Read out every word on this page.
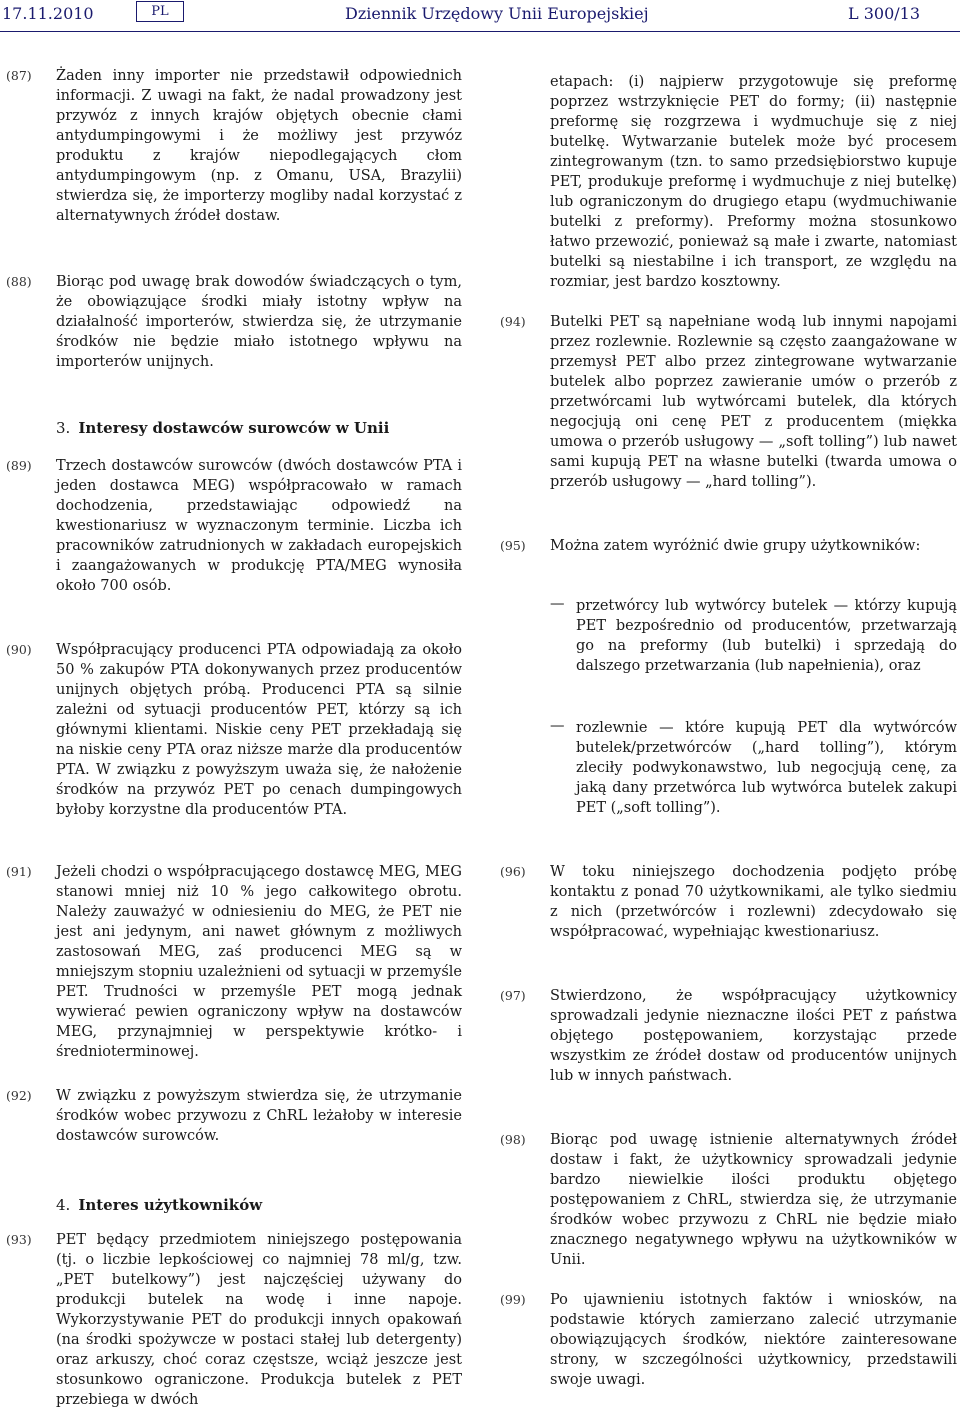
17.11.2010	PL	Dziennik Urzędowy Unii Europejskiej	L 300/13
(87) Żaden inny importer nie przedstawił odpowiednich informacji. Z uwagi na fakt, że nadal prowadzony jest przywóz z innych krajów objętych obecnie cłami antydumpingowymi i że możliwy jest przywóz produktu z krajów niepodlegających cłom antydumpingowym (np. z Omanu, USA, Brazylii) stwierdza się, że importerzy mogliby nadal korzystać z alternatywnych źródeł dostaw.

(88) Biorąc pod uwagę brak dowodów świadczących o tym, że obowiązujące środki miały istotny wpływ na działalność importerów, stwierdza się, że utrzymanie środków nie będzie miało istotnego wpływu na importerów unijnych.

3. Interesy dostawców surowców w Unii
(89) Trzech dostawców surowców (dwóch dostawców PTA i jeden dostawca MEG) współpracowało w ramach dochodzenia, przedstawiając odpowiedź na kwestionariusz w wyznaczonym terminie. Liczba ich pracowników zatrudnionych w zakładach europejskich i zaangażowanych w produkcję PTA/MEG wynosiła około 700 osób.

(90) Współpracujący producenci PTA odpowiadają za około 50 % zakupów PTA dokonywanych przez producentów unijnych objętych próbą. Producenci PTA są silnie zależni od sytuacji producentów PET, którzy są ich głównymi klientami. Niskie ceny PET przekładają się na niskie ceny PTA oraz niższe marże dla producentów PTA. W związku z powyższym uważa się, że nałożenie środków na przywóz PET po cenach dumpingowych byłoby korzystne dla producentów PTA.

etapach: (i) najpierw przygotowuje się preformę poprzez wstrzyknięcie PET do formy; (ii) następnie preformę się rozgrzewa i wydmuchuje się z niej butelkę. Wytwarzanie butelek może być procesem zintegrowanym (tzn. to samo przedsiębiorstwo kupuje PET, produkuje preformę i wydmuchuje z niej butelkę) lub ograniczonym do drugiego etapu (wydmuchiwanie butelki z preformy). Preformy można stosunkowo łatwo przewozić, ponieważ są małe i zwarte, natomiast butelki są niestabilne i ich transport, ze względu na rozmiar, jest bardzo kosztowny.

(94) Butelki PET są napełniane wodą lub innymi napojami przez rozlewnie. Rozlewnie są często zaangażowane w przemysł PET albo przez zintegrowane wytwarzanie butelek albo poprzez zawieranie umów o przerób z przetwórcami lub wytwórcami butelek, dla których negocjują oni cenę PET z producentem (miękka umowa o przerób usługowy — „soft tolling”) lub nawet sami kupują PET na własne butelki (twarda umowa o przerób usługowy — „hard tolling”).

(95) Można zatem wyróżnić dwie grupy użytkowników:

— przetwórcy lub wytwórcy butelek — którzy kupują PET bezpośrednio od producentów, przetwarzają go na preformy (lub butelki) i sprzedają do dalszego przetwarzania (lub napełnienia), oraz

— rozlewnie — które kupują PET dla wytwórców butelek/przetwórców („hard tolling”), którym zleciły podwykonawstwo, lub negocjują cenę, za jaką dany przetwórca lub wytwórca butelek zakupi PET („soft tolling”).

(91) Jeżeli chodzi o współpracującego dostawcę MEG, MEG stanowi mniej niż 10 % jego całkowitego obrotu. Należy zauważyć w odniesieniu do MEG, że PET nie jest ani jedynym, ani nawet głównym z możliwych zastosowań MEG, zaś producenci MEG są w mniejszym stopniu uzależnieni od sytuacji w przemyśle PET. Trudności w przemyśle PET mogą jednak wywierać pewien ograniczony wpływ na dostawców MEG, przynajmniej w perspektywie krótko- i średnioterminowej.

(92) W związku z powyższym stwierdza się, że utrzymanie środków wobec przywozu z ChRL leżałoby w interesie dostawców surowców.

4. Interes użytkowników
(93) PET będący przedmiotem niniejszego postępowania (tj. o liczbie lepkościowej co najmniej 78 ml/g, tzw. „PET butelkowy”) jest najczęściej używany do produkcji butelek na wodę i inne napoje. Wykorzystywanie PET do produkcji innych opakowań (na środki spożywcze w postaci stałej lub detergenty) oraz arkuszy, choć coraz częstsze, wciąż jeszcze jest stosunkowo ograniczone. Produkcja butelek z PET przebiega w dwóch

(96) W toku niniejszego dochodzenia podjęto próbę kontaktu z ponad 70 użytkownikami, ale tylko siedmiu z nich (przetwórców i rozlewni) zdecydowało się współpracować, wypełniając kwestionariusz.

(97) Stwierdzono, że współpracujący użytkownicy sprowadzali jedynie nieznaczne ilości PET z państwa objętego postępowaniem, korzystając przede wszystkim ze źródeł dostaw od producentów unijnych lub w innych państwach.

(98) Biorąc pod uwagę istnienie alternatywnych źródeł dostaw i fakt, że użytkownicy sprowadzali jedynie bardzo niewielkie ilości produktu objętego postępowaniem z ChRL, stwierdza się, że utrzymanie środków wobec przywozu z ChRL nie będzie miało znacznego negatywnego wpływu na użytkowników w Unii.

(99) Po ujawnieniu istotnych faktów i wniosków, na podstawie których zamierzano zalecić utrzymanie obowiązujących środków, niektóre zainteresowane strony, w szczególności użytkownicy, przedstawili swoje uwagi.
